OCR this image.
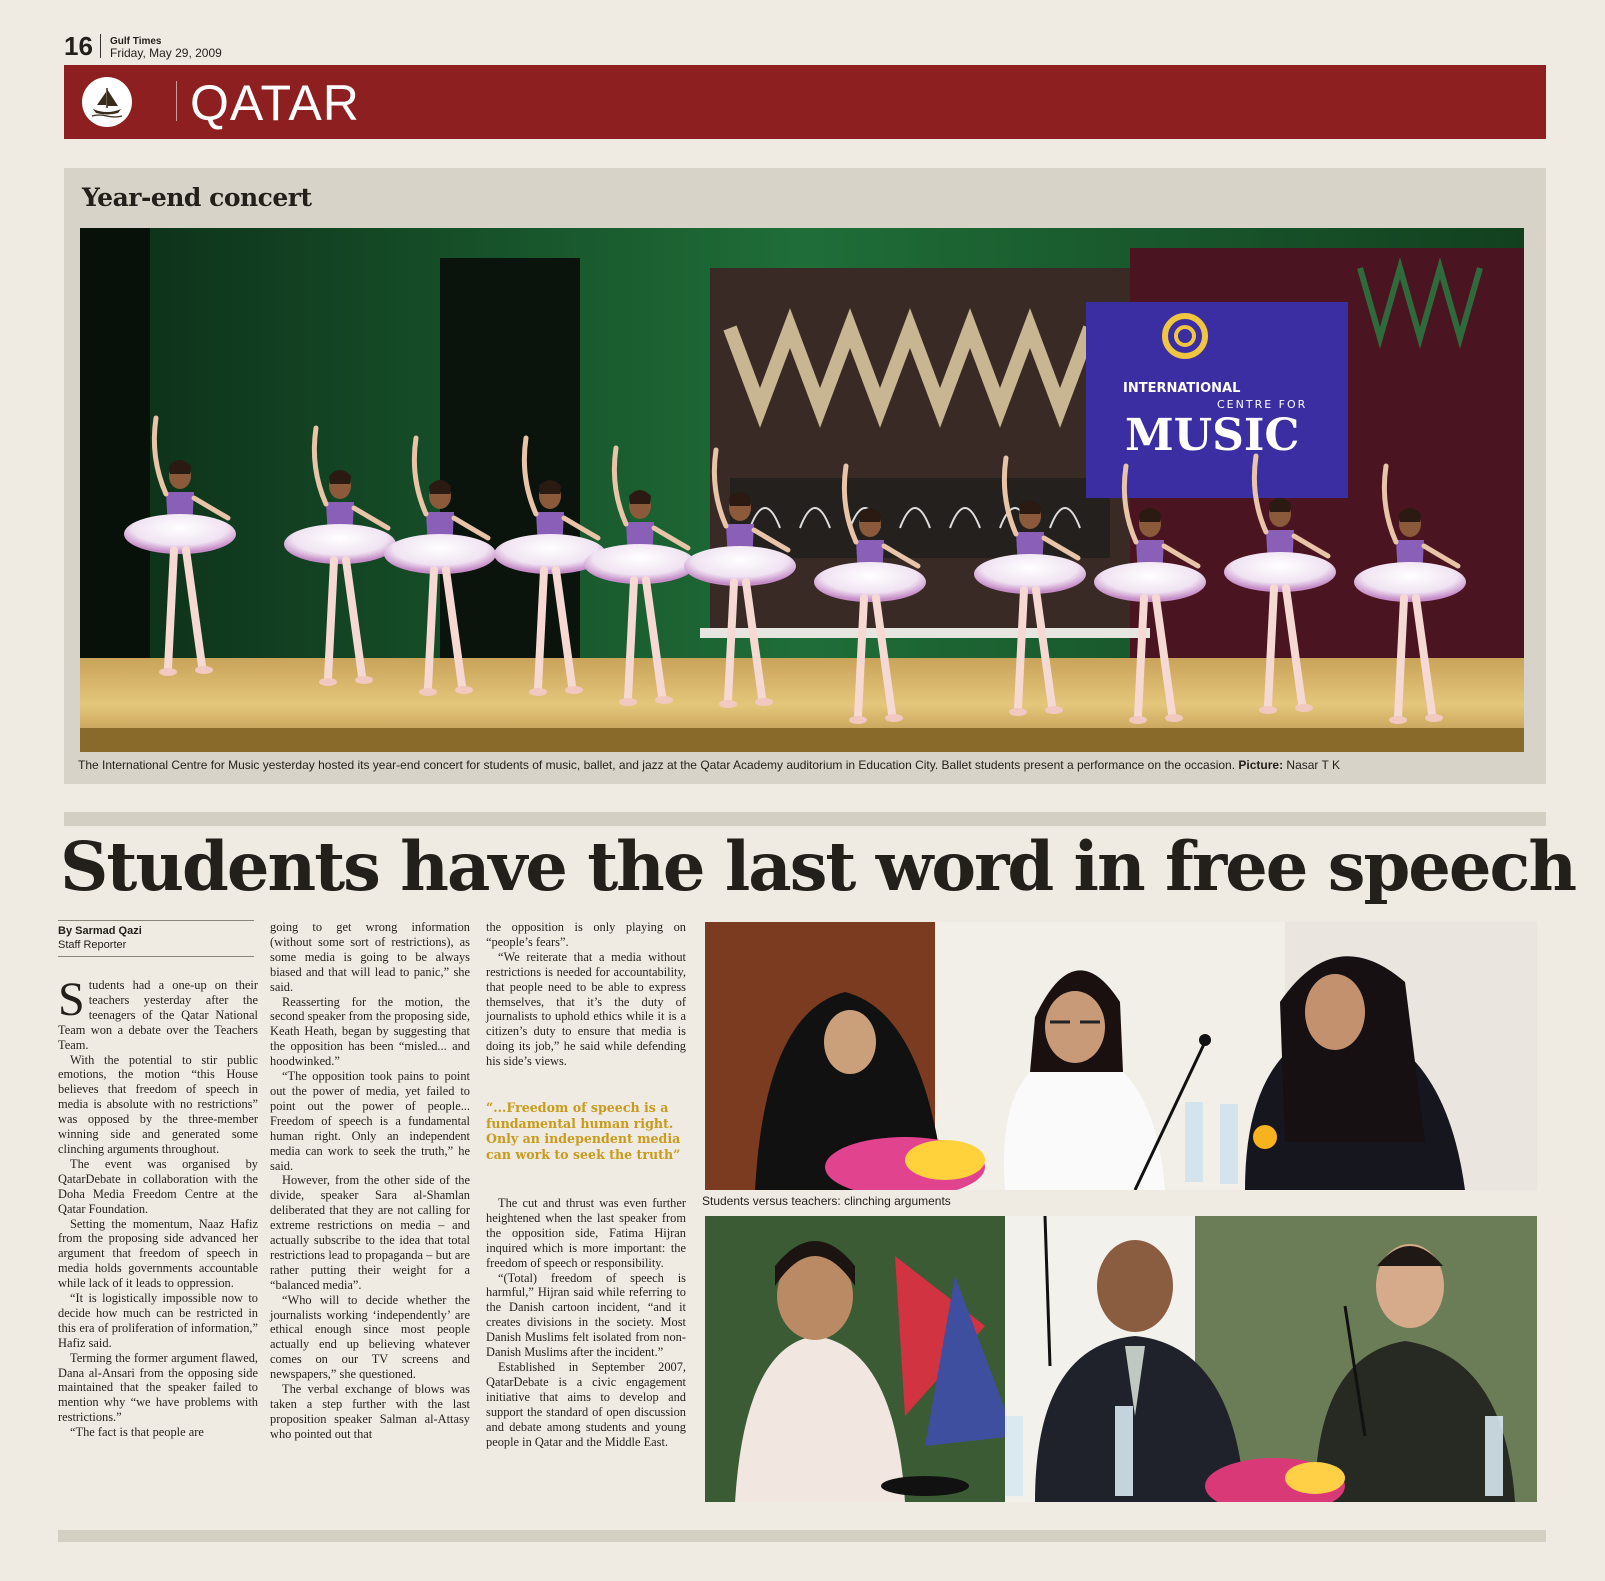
16 Gulf Times
Friday, May 29, 2009
QATAR
Year-end concert
INTERNATIONAL
CENTRE FOR
MUSIC
The International Centre for Music yesterday hosted its year-end concert for students of music, ballet, and jazz at the Qatar Academy auditorium in Education City. Ballet students present a performance on the occasion. Picture: Nasar T K
Students have the last word in free speech
By Sarmad Qazi
Staff Reporter

Students had a one-up on their teachers yesterday after the teenagers of the Qatar National Team won a debate over the Teachers Team.

With the potential to stir public emotions, the motion “this House believes that freedom of speech in media is absolute with no restrictions” was opposed by the three-member winning side and generated some clinching arguments throughout.

The event was organised by QatarDebate in collaboration with the Doha Media Freedom Centre at the Qatar Foundation.

Setting the momentum, Naaz Hafiz from the proposing side advanced her argument that freedom of speech in media holds governments accountable while lack of it leads to oppression.

“It is logistically impossible now to decide how much can be restricted in this era of proliferation of information,” Hafiz said.

Terming the former argument flawed, Dana al-Ansari from the opposing side maintained that the speaker failed to mention why “we have problems with restrictions.”

“The fact is that people are

going to get wrong information (without some sort of restrictions), as some media is going to be always biased and that will lead to panic,” she said.

Reasserting for the motion, the second speaker from the proposing side, Keath Heath, began by suggesting that the opposition has been “misled... and hoodwinked.”

“The opposition took pains to point out the power of media, yet failed to point out the power of people... Freedom of speech is a fundamental human right. Only an independent media can work to seek the truth,” he said.

However, from the other side of the divide, speaker Sara al-Shamlan deliberated that they are not calling for extreme restrictions on media – and actually subscribe to the idea that total restrictions lead to propaganda – but are rather putting their weight for a “balanced media”.

“Who will to decide whether the journalists working ‘independently’ are ethical enough since most people actually end up believing whatever comes on our TV screens and newspapers,” she questioned.

The verbal exchange of blows was taken a step further with the last proposition speaker Salman al-Attasy who pointed out that

the opposition is only playing on “people’s fears”.

“We reiterate that a media without restrictions is needed for accountability, that people need to be able to express themselves, that it’s the duty of journalists to uphold ethics while it is a citizen’s duty to ensure that media is doing its job,” he said while defending his side’s views.

“...Freedom of speech is a fundamental human right. Only an independent media can work to seek the truth”

The cut and thrust was even further heightened when the last speaker from the opposition side, Fatima Hijran inquired which is more important: the freedom of speech or responsibility.

“(Total) freedom of speech is harmful,” Hijran said while referring to the Danish cartoon incident, “and it creates divisions in the society. Most Danish Muslims felt isolated from non-Danish Muslims after the incident.”

Established in September 2007, QatarDebate is a civic engagement initiative that aims to develop and support the standard of open discussion and debate among students and young people in Qatar and the Middle East.

Students versus teachers: clinching arguments
